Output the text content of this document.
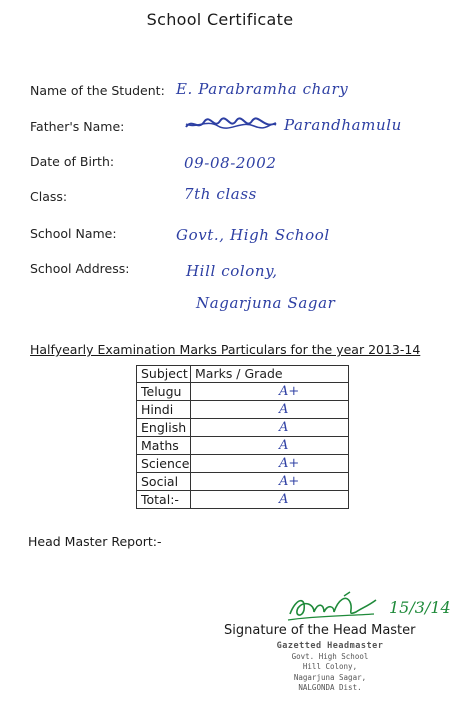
School Certificate
Name of the Student: E. Parabramha chary
Father's Name:	Parandhamulu
Date of Birth:	09-08-2002
Class:	7th class
School Name:	Govt., High School
School Address:	Hill colony,
Nagarjuna Sagar
Halfyearly Examination Marks Particulars for the year 2013-14
Subject	Marks / Grade
Telugu	A+
Hindi	A
English	A
Maths	A
Science	A+
Social	A+
Total:-	A
Head Master Report:-
15/3/14
Signature of the Head Master
Gazetted Headmaster
Govt. High School
Hill Colony,
Nagarjuna Sagar,
NALGONDA Dist.
